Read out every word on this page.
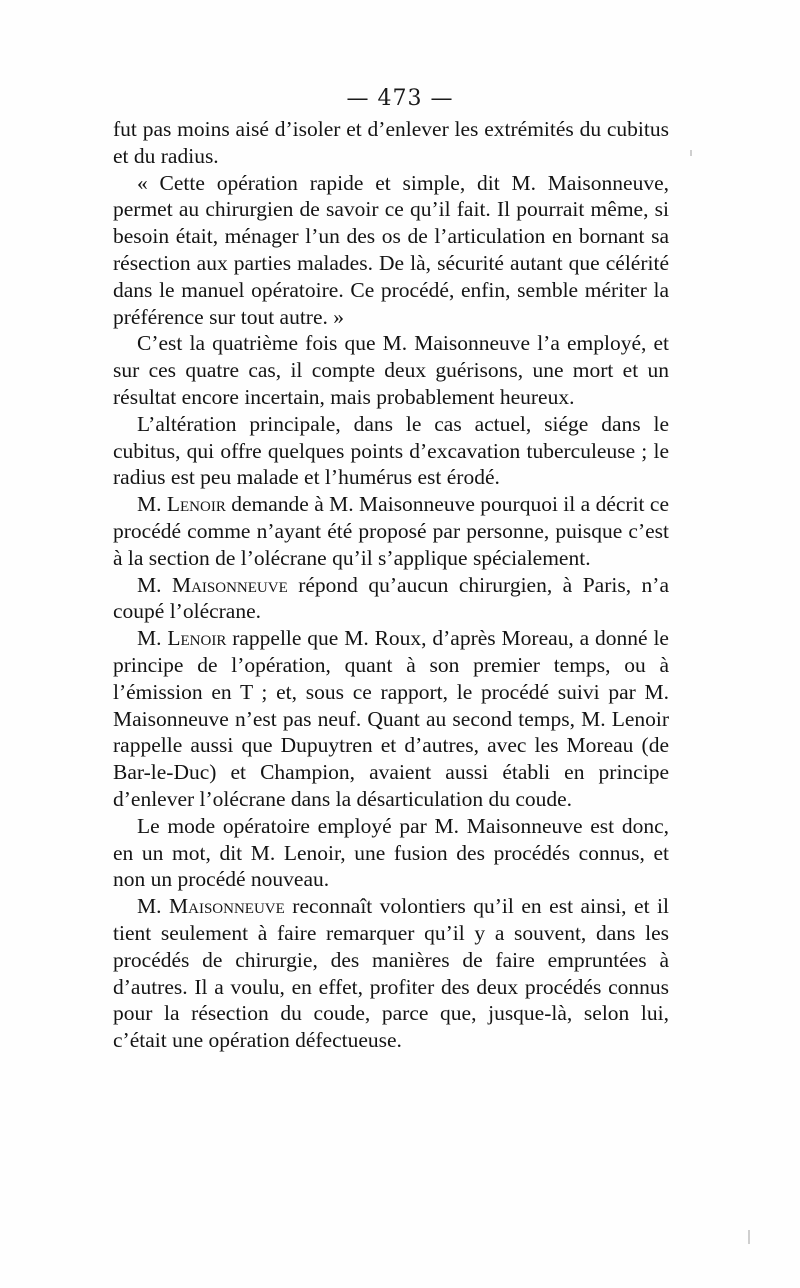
— 473 —

fut pas moins aisé d’isoler et d’enlever les extrémités du cubitus et du radius.

« Cette opération rapide et simple, dit M. Maisonneuve, permet au chirurgien de savoir ce qu’il fait. Il pourrait même, si besoin était, ménager l’un des os de l’articulation en bornant sa résection aux parties malades. De là, sécurité autant que célérité dans le manuel opératoire. Ce procédé, enfin, semble mériter la préférence sur tout autre. »

C’est la quatrième fois que M. Maisonneuve l’a employé, et sur ces quatre cas, il compte deux guérisons, une mort et un résultat encore incertain, mais probablement heureux.

L’altération principale, dans le cas actuel, siége dans le cubitus, qui offre quelques points d’excavation tuberculeuse ; le radius est peu malade et l’humérus est érodé.

M. Lenoir demande à M. Maisonneuve pourquoi il a décrit ce procédé comme n’ayant été proposé par personne, puisque c’est à la section de l’olécrane qu’il s’applique spécialement.

M. Maisonneuve répond qu’aucun chirurgien, à Paris, n’a coupé l’olécrane.

M. Lenoir rappelle que M. Roux, d’après Moreau, a donné le principe de l’opération, quant à son premier temps, ou à l’émission en T ; et, sous ce rapport, le procédé suivi par M. Maisonneuve n’est pas neuf. Quant au second temps, M. Lenoir rappelle aussi que Dupuytren et d’autres, avec les Moreau (de Bar-le-Duc) et Champion, avaient aussi établi en principe d’enlever l’olécrane dans la désarticulation du coude.

Le mode opératoire employé par M. Maisonneuve est donc, en un mot, dit M. Lenoir, une fusion des procédés connus, et non un procédé nouveau.

M. Maisonneuve reconnaît volontiers qu’il en est ainsi, et il tient seulement à faire remarquer qu’il y a souvent, dans les procédés de chirurgie, des manières de faire empruntées à d’autres. Il a voulu, en effet, profiter des deux procédés connus pour la résection du coude, parce que, jusque-là, selon lui, c’était une opération défectueuse.
